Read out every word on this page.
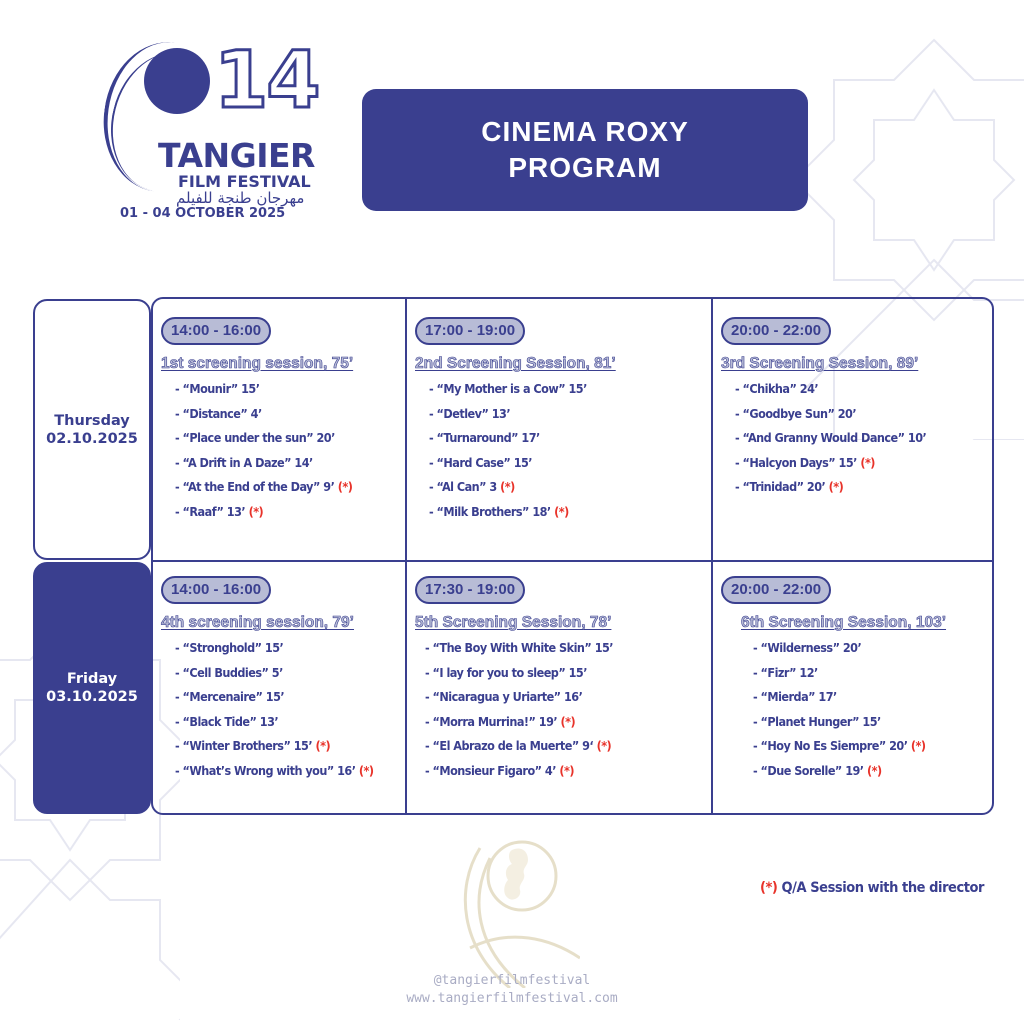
14
TANGIER
FILM FESTIVAL
مهرجان طنجة للفيلم
01 - 04 OCTOBER 2025
CINEMA ROXY
PROGRAM
Thursday
02.10.2025
Friday
03.10.2025
14:00 - 16:00
1st screening session, 75’
- “Mounir” 15’
- “Distance” 4’
- “Place under the sun” 20’
- “A Drift in A Daze” 14’
- “At the End of the Day” 9’ (*)
- “Raaf” 13’ (*)
17:00 - 19:00
2nd Screening Session, 81’
- “My Mother is a Cow” 15’
- “Detlev” 13’
- “Turnaround” 17’
- “Hard Case” 15’
- “Al Can” 3 (*)
- “Milk Brothers” 18’ (*)
20:00 - 22:00
3rd Screening Session, 89’
- “Chikha” 24’
- “Goodbye Sun” 20’
- “And Granny Would Dance” 10’
- “Halcyon Days” 15’ (*)
- “Trinidad” 20’ (*)
14:00 - 16:00
4th screening session, 79’
- “Stronghold” 15’
- “Cell Buddies” 5’
- “Mercenaire” 15’
- “Black Tide” 13’
- “Winter Brothers” 15’ (*)
- “What’s Wrong with you” 16’ (*)
17:30 - 19:00
5th Screening Session, 78’
- “The Boy With White Skin” 15’
- “I lay for you to sleep” 15’
- “Nicaragua y Uriarte” 16’
- “Morra Murrina!” 19’ (*)
- “El Abrazo de la Muerte” 9‘ (*)
- “Monsieur Figaro” 4’ (*)
20:00 - 22:00
6th Screening Session, 103’
- “Wilderness” 20’
- “Fizr” 12’
- “Mierda” 17’
- “Planet Hunger” 15’
- “Hoy No Es Siempre” 20’ (*)
- “Due Sorelle” 19’ (*)
(*) Q/A Session with the director
@tangierfilmfestival
www.tangierfilmfestival.com
